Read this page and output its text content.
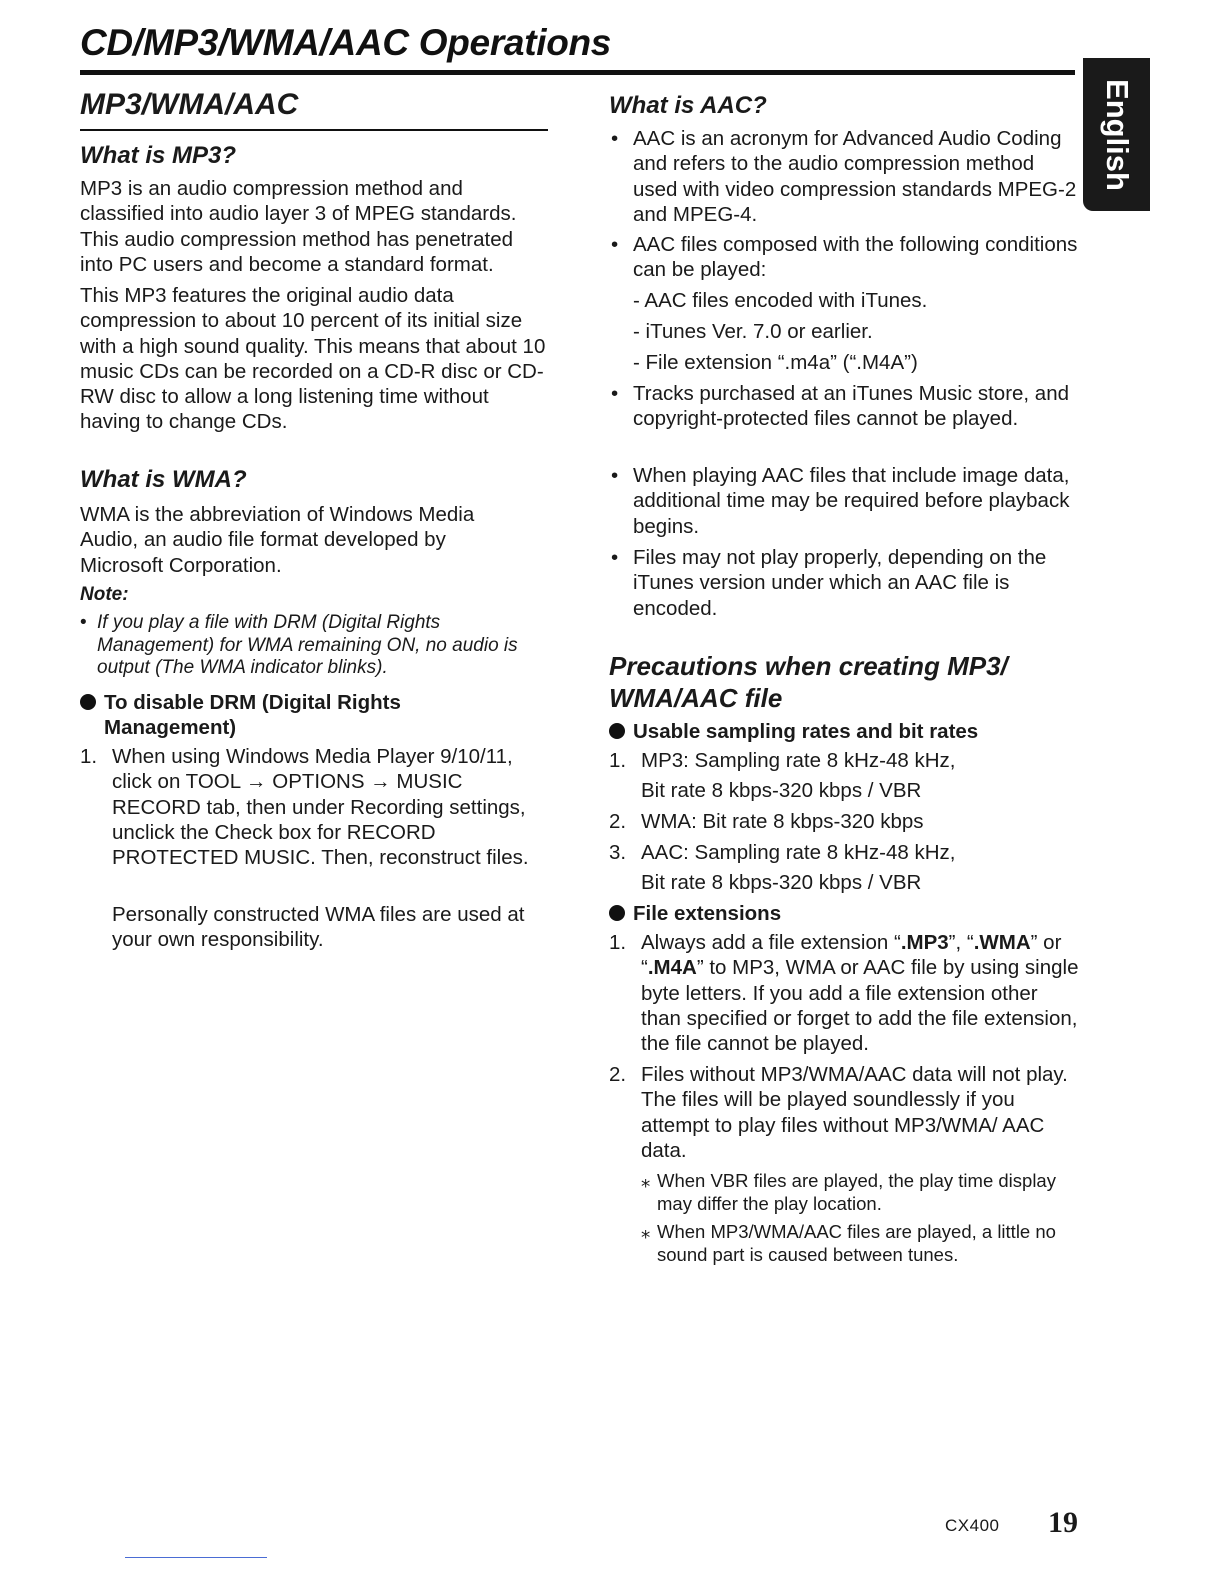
CD/MP3/WMA/AAC Operations
English
MP3/WMA/AAC
What is MP3?

MP3 is an audio compression method and classified into audio layer 3 of MPEG standards. This audio compression method has penetrated into PC users and become a standard format.

This MP3 features the original audio data compression to about 10 percent of its initial size with a high sound quality. This means that about 10 music CDs can be recorded on a CD-R disc or CD-RW disc to allow a long listening time without having to change CDs.

What is WMA?

WMA is the abbreviation of Windows Media Audio, an audio file format developed by Microsoft Corporation.

Note:

• If you play a file with DRM (Digital Rights Management) for WMA remaining ON, no audio is output (The WMA indicator blinks).

To disable DRM (Digital Rights Management)

1. When using Windows Media Player 9/10/11, click on TOOL → OPTIONS → MUSIC RECORD tab, then under Recording settings, unclick the Check box for RECORD PROTECTED MUSIC. Then, reconstruct files.

Personally constructed WMA files are used at your own responsibility.

What is AAC?

• AAC is an acronym for Advanced Audio Coding and refers to the audio compression method used with video compression standards MPEG-2 and MPEG-4.

• AAC files composed with the following conditions can be played:

- AAC files encoded with iTunes.
- iTunes Ver. 7.0 or earlier.
- File extension “.m4a” (“.M4A”)

• Tracks purchased at an iTunes Music store, and copyright-protected files cannot be played.

• When playing AAC files that include image data, additional time may be required before playback begins.

• Files may not play properly, depending on the iTunes version under which an AAC file is encoded.

Precautions when creating MP3/ WMA/AAC file
Usable sampling rates and bit rates

1. MP3: Sampling rate 8 kHz-48 kHz,
Bit rate 8 kbps-320 kbps / VBR

2. WMA: Bit rate 8 kbps-320 kbps

3. AAC: Sampling rate 8 kHz-48 kHz,
Bit rate 8 kbps-320 kbps / VBR

File extensions

1. Always add a file extension “.MP3”, “.WMA” or “.M4A” to MP3, WMA or AAC file by using single byte letters. If you add a file extension other than specified or forget to add the file extension, the file cannot be played.

2. Files without MP3/WMA/AAC data will not play. The files will be played soundlessly if you attempt to play files without MP3/WMA/ AAC data.

⁎ When VBR files are played, the play time display may differ the play location.

⁎ When MP3/WMA/AAC files are played, a little no sound part is caused between tunes.

CX400 19
